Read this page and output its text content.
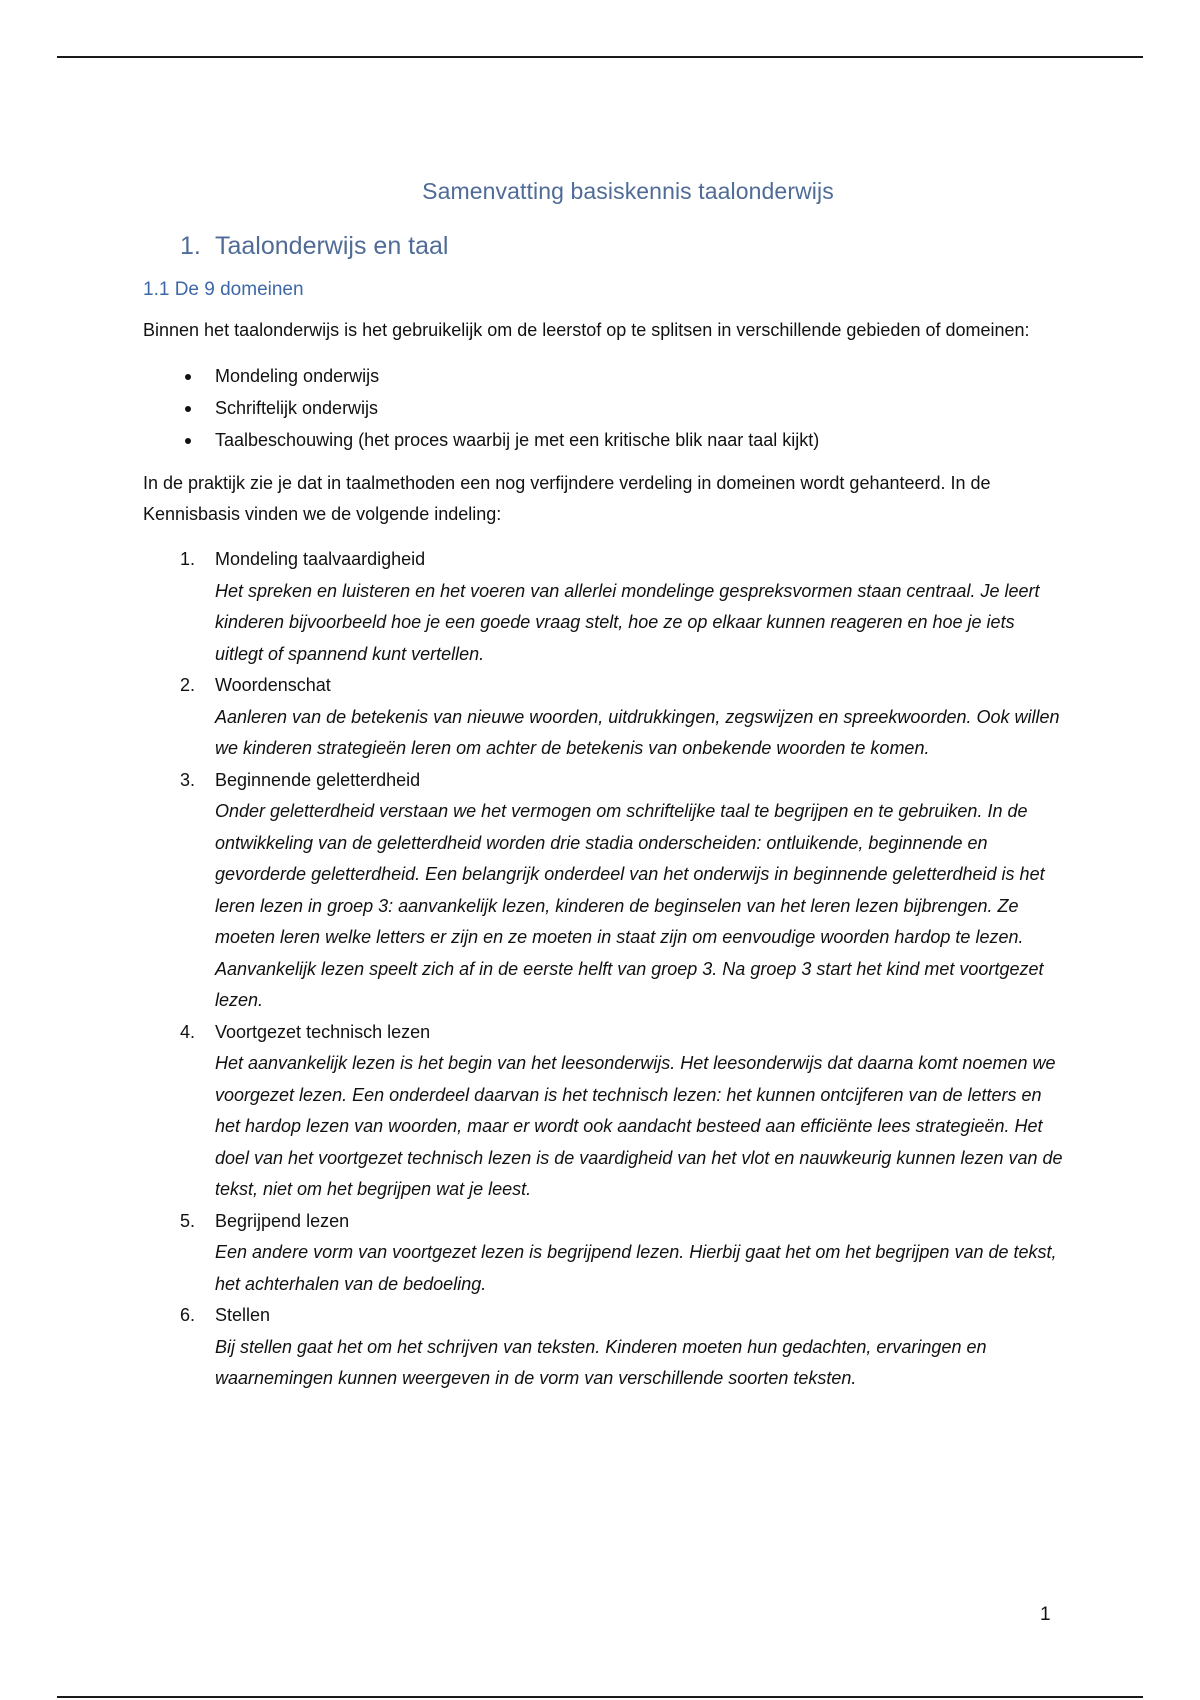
Samenvatting basiskennis taalonderwijs
1. Taalonderwijs en taal
1.1 De 9 domeinen

Binnen het taalonderwijs is het gebruikelijk om de leerstof op te splitsen in verschillende gebieden of domeinen:

Mondeling onderwijs
Schriftelijk onderwijs
Taalbeschouwing (het proces waarbij je met een kritische blik naar taal kijkt)

In de praktijk zie je dat in taalmethoden een nog verfijndere verdeling in domeinen wordt gehanteerd. In de Kennisbasis vinden we de volgende indeling:

1. Mondeling taalvaardigheid
Het spreken en luisteren en het voeren van allerlei mondelinge gespreksvormen staan centraal. Je leert kinderen bijvoorbeeld hoe je een goede vraag stelt, hoe ze op elkaar kunnen reageren en hoe je iets uitlegt of spannend kunt vertellen.
2. Woordenschat
Aanleren van de betekenis van nieuwe woorden, uitdrukkingen, zegswijzen en spreekwoorden. Ook willen we kinderen strategieën leren om achter de betekenis van onbekende woorden te komen.
3. Beginnende geletterdheid
Onder geletterdheid verstaan we het vermogen om schriftelijke taal te begrijpen en te gebruiken. In de ontwikkeling van de geletterdheid worden drie stadia onderscheiden: ontluikende, beginnende en gevorderde geletterdheid. Een belangrijk onderdeel van het onderwijs in beginnende geletterdheid is het leren lezen in groep 3: aanvankelijk lezen, kinderen de beginselen van het leren lezen bijbrengen. Ze moeten leren welke letters er zijn en ze moeten in staat zijn om eenvoudige woorden hardop te lezen. Aanvankelijk lezen speelt zich af in de eerste helft van groep 3. Na groep 3 start het kind met voortgezet lezen.
4. Voortgezet technisch lezen
Het aanvankelijk lezen is het begin van het leesonderwijs. Het leesonderwijs dat daarna komt noemen we voorgezet lezen. Een onderdeel daarvan is het technisch lezen: het kunnen ontcijferen van de letters en het hardop lezen van woorden, maar er wordt ook aandacht besteed aan efficiënte lees strategieën. Het doel van het voortgezet technisch lezen is de vaardigheid van het vlot en nauwkeurig kunnen lezen van de tekst, niet om het begrijpen wat je leest.
5. Begrijpend lezen
Een andere vorm van voortgezet lezen is begrijpend lezen. Hierbij gaat het om het begrijpen van de tekst, het achterhalen van de bedoeling.
6. Stellen
Bij stellen gaat het om het schrijven van teksten. Kinderen moeten hun gedachten, ervaringen en waarnemingen kunnen weergeven in de vorm van verschillende soorten teksten.
1
